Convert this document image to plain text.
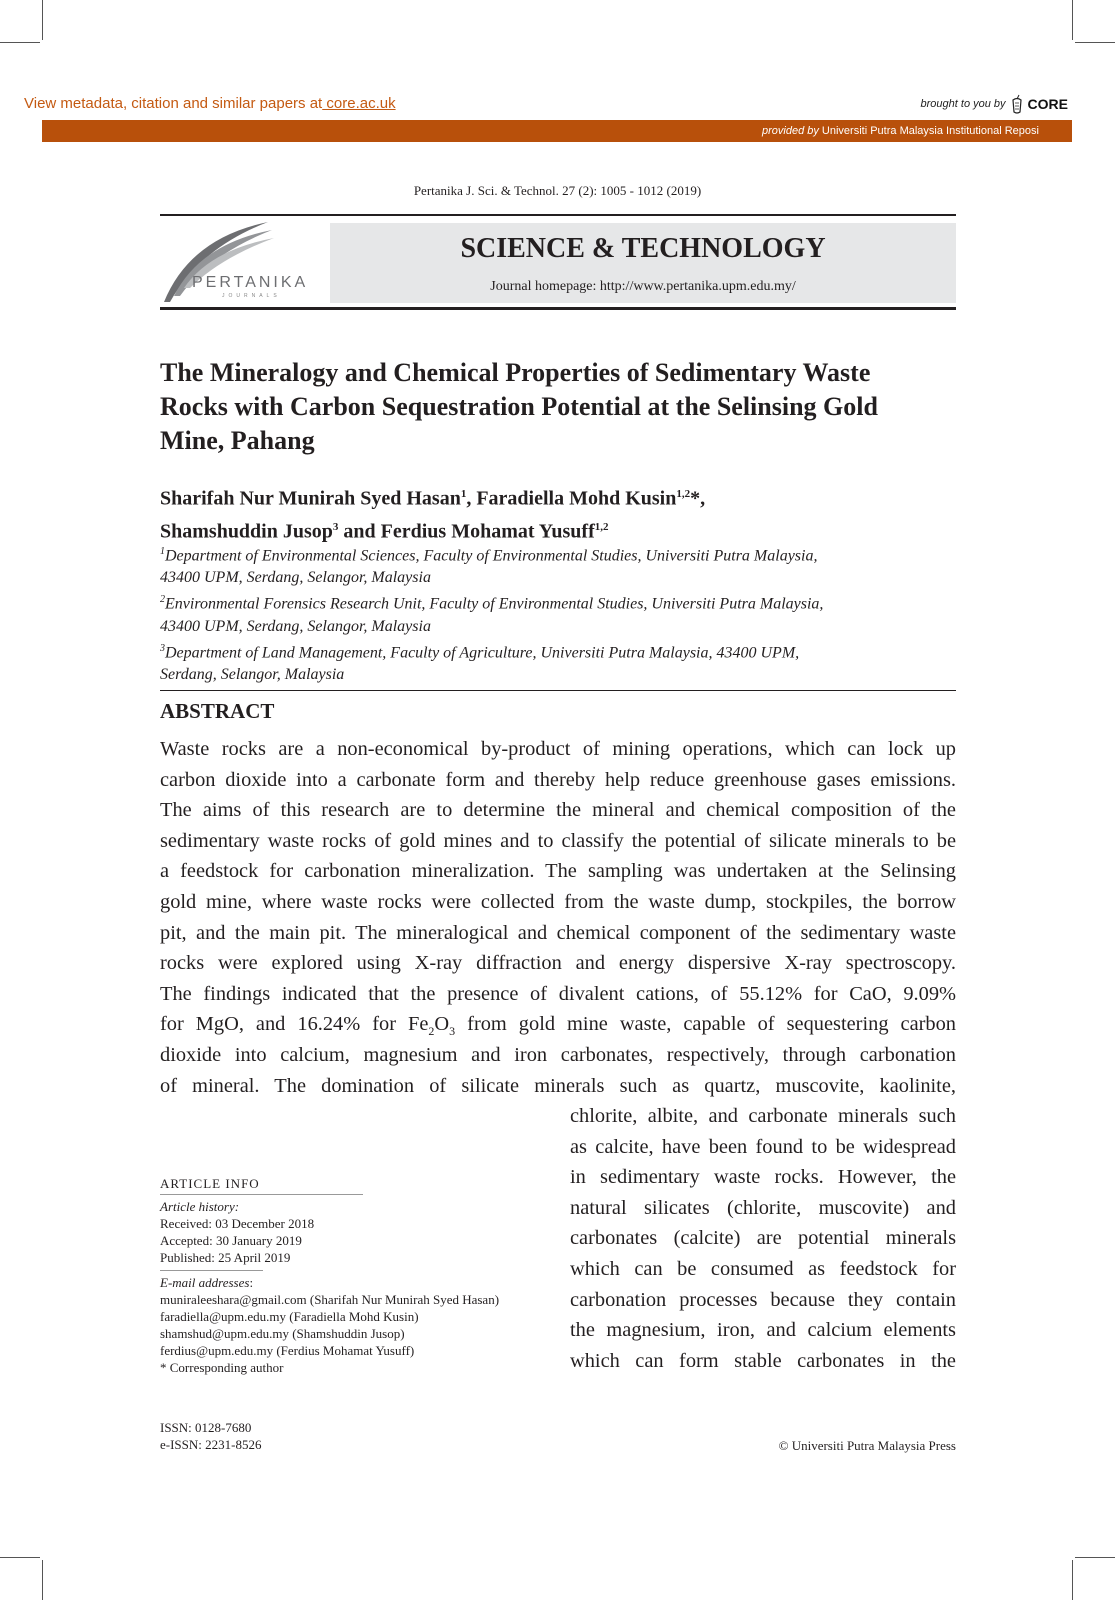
View metadata, citation and similar papers at core.ac.uk	brought to you by CORE
provided by Universiti Putra Malaysia Institutional Reposi
Pertanika J. Sci. & Technol. 27 (2): 1005 - 1012 (2019)
SCIENCE & TECHNOLOGY
Journal homepage: http://www.pertanika.upm.edu.my/
PERTANIKA
JOURNALS
The Mineralogy and Chemical Properties of Sedimentary Waste
Rocks with Carbon Sequestration Potential at the Selinsing Gold
Mine, Pahang
Sharifah Nur Munirah Syed Hasan$^1$, Faradiella Mohd Kusin$^{1,2}$*,
Shamshuddin Jusop$^3$ and Ferdius Mohamat Yusuff$^{1,2}$
$^1$Department of Environmental Sciences, Faculty of Environmental Studies, Universiti Putra Malaysia,
43400 UPM, Serdang, Selangor, Malaysia
$^2$Environmental Forensics Research Unit, Faculty of Environmental Studies, Universiti Putra Malaysia,
43400 UPM, Serdang, Selangor, Malaysia
$^3$Department of Land Management, Faculty of Agriculture, Universiti Putra Malaysia, 43400 UPM,
Serdang, Selangor, Malaysia
ABSTRACT
Waste rocks are a non-economical by-product of mining operations, which can lock up
carbon dioxide into a carbonate form and thereby help reduce greenhouse gases emissions.
The aims of this research are to determine the mineral and chemical composition of the
sedimentary waste rocks of gold mines and to classify the potential of silicate minerals to be
a feedstock for carbonation mineralization. The sampling was undertaken at the Selinsing
gold mine, where waste rocks were collected from the waste dump, stockpiles, the borrow
pit, and the main pit. The mineralogical and chemical component of the sedimentary waste
rocks were explored using X-ray diffraction and energy dispersive X-ray spectroscopy.
The findings indicated that the presence of divalent cations, of 55.12% for CaO, 9.09%
for MgO, and 16.24% for $Fe_2O_3$ from gold mine waste, capable of sequestering carbon
dioxide into calcium, magnesium and iron carbonates, respectively, through carbonation
of mineral. The domination of silicate minerals such as quartz, muscovite, kaolinite,
chlorite, albite, and carbonate minerals such
as calcite, have been found to be widespread
in sedimentary waste rocks. However, the
natural silicates (chlorite, muscovite) and
carbonates (calcite) are potential minerals
which can be consumed as feedstock for
carbonation processes because they contain
the magnesium, iron, and calcium elements
which can form stable carbonates in the
ARTICLE INFO
Article history:
Received: 03 December 2018
Accepted: 30 January 2019
Published: 25 April 2019
E-mail addresses:
muniraleeshara@gmail.com (Sharifah Nur Munirah Syed Hasan)
faradiella@upm.edu.my (Faradiella Mohd Kusin)
shamshud@upm.edu.my (Shamshuddin Jusop)
ferdius@upm.edu.my (Ferdius Mohamat Yusuff)
* Corresponding author
ISSN: 0128-7680
e-ISSN: 2231-8526	© Universiti Putra Malaysia Press
